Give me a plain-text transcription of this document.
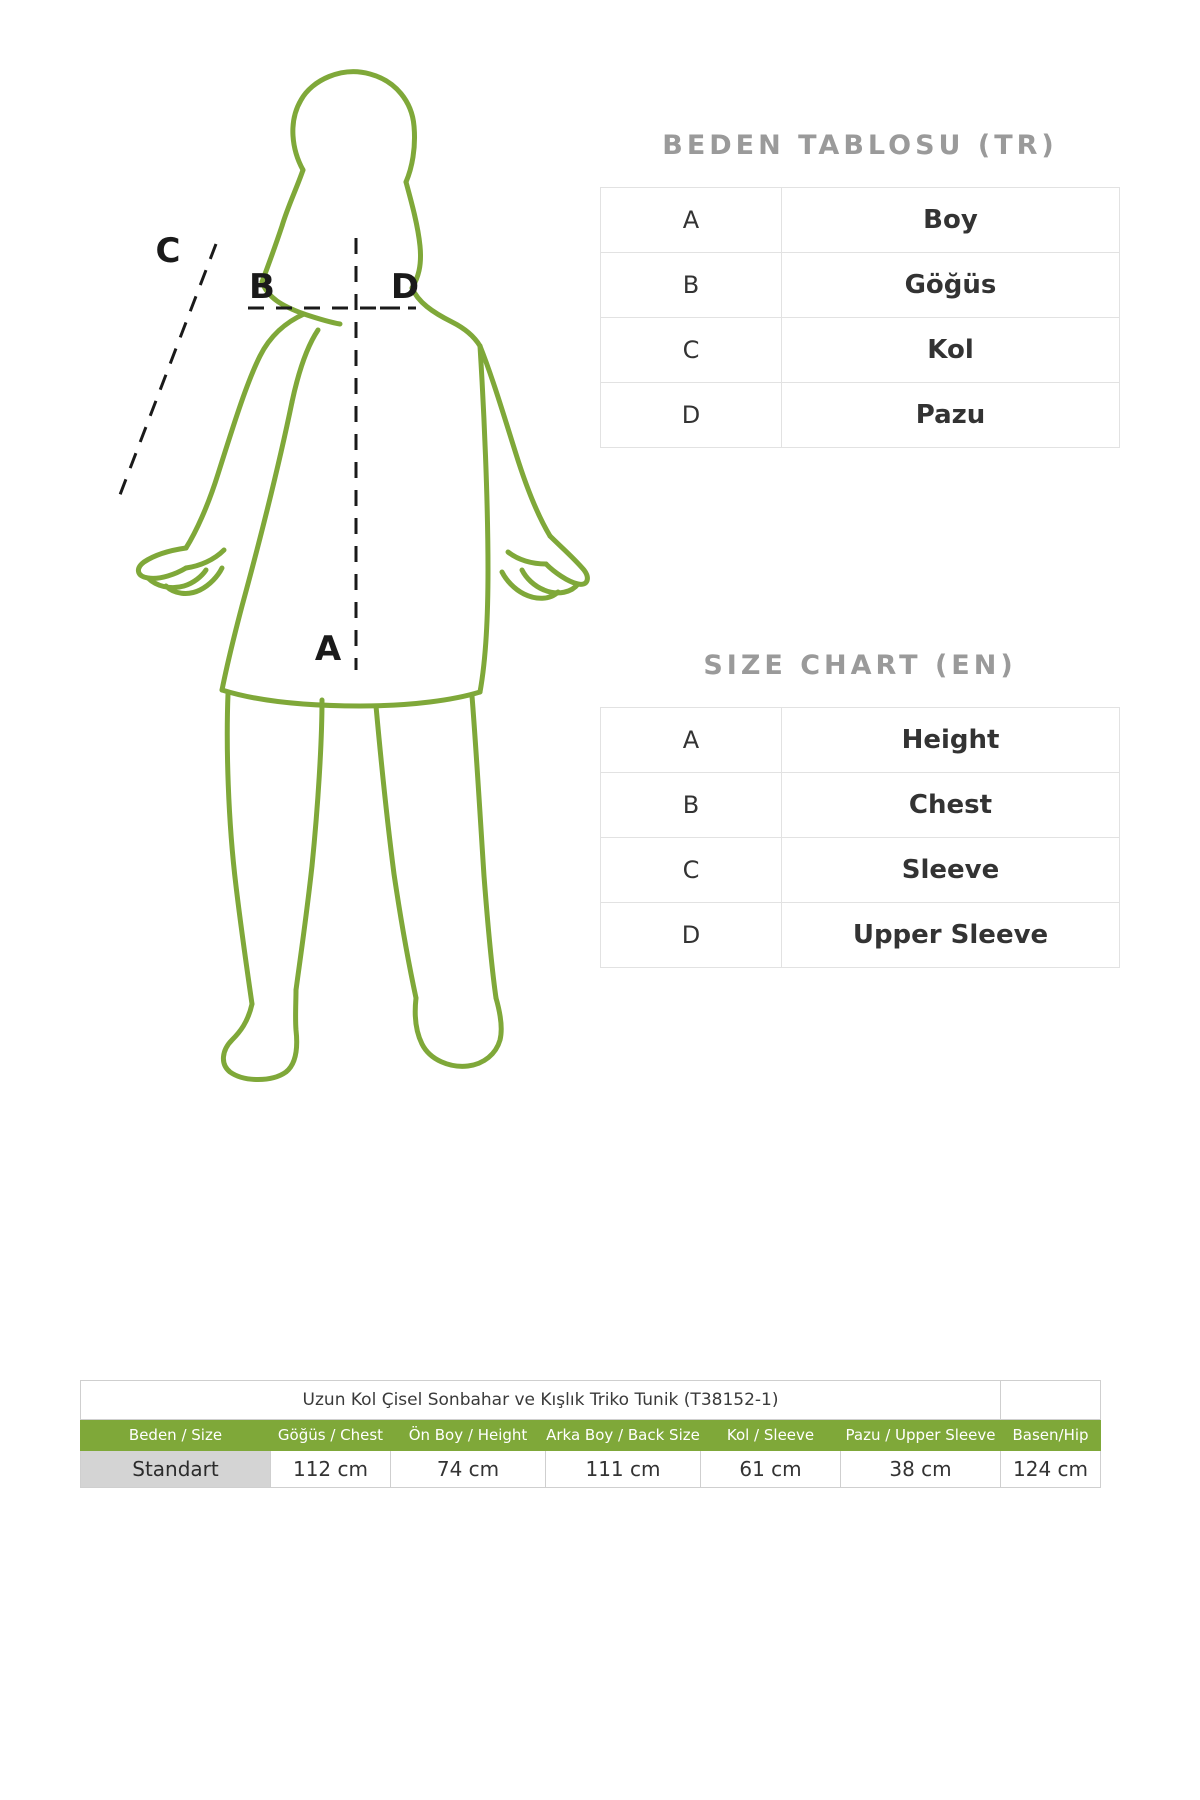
A
B
C
D
BEDEN TABLOSU (TR)
A	Boy
B	Göğüs
C	Kol
D	Pazu
SIZE CHART (EN)
A	Height
B	Chest
C	Sleeve
D	Upper Sleeve
Uzun Kol Çisel Sonbahar ve Kışlık Triko Tunik (T38152-1)						
Beden / Size	Göğüs / Chest	Ön Boy / Height	Arka Boy / Back Size	Kol / Sleeve	Pazu / Upper Sleeve	Basen/Hip
Standart	112 cm	74 cm	111 cm	61 cm	38 cm	124 cm
